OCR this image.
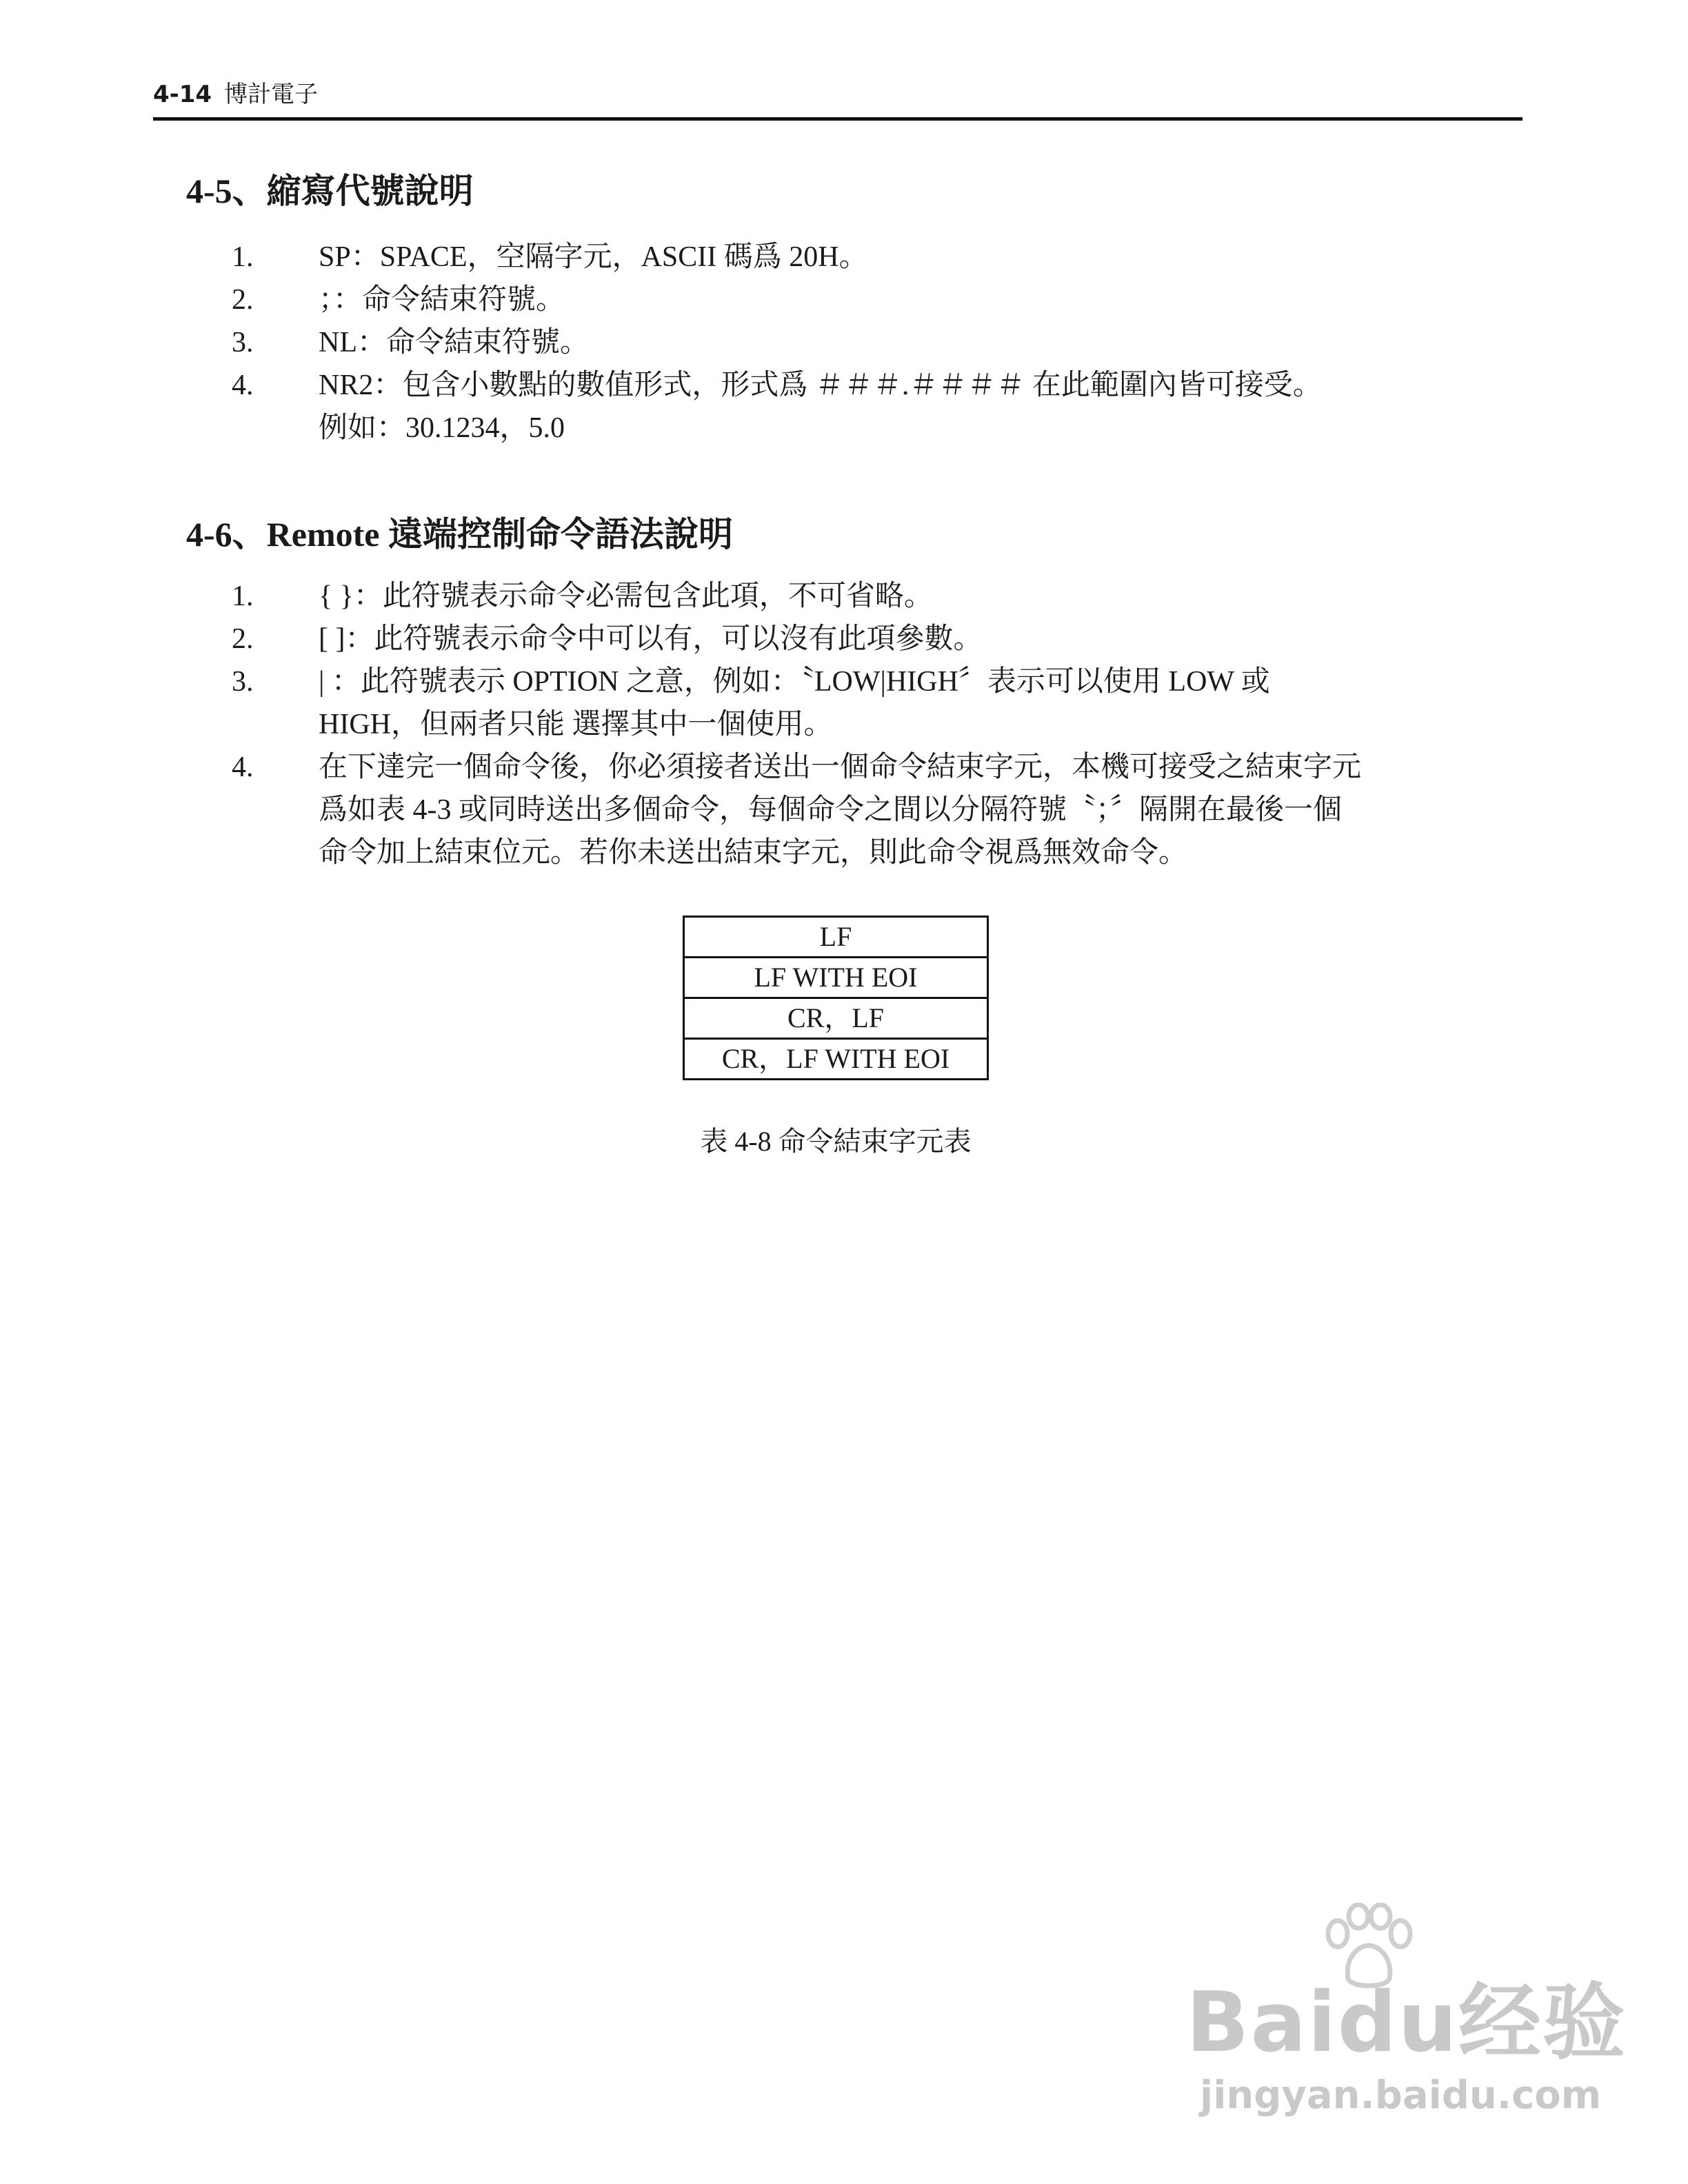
4-14 博計電子
4-5、縮寫代號說明
1. SP：SPACE，空隔字元，ASCII 碼爲 20H。
2. ；：命令結束符號。
3. NL：命令結束符號。
4. NR2：包含小數點的數值形式，形式爲 ＃＃＃.＃＃＃＃ 在此範圍內皆可接受。
例如：30.1234，5.0
4-6、Remote 遠端控制命令語法說明
1. { }：此符號表示命令必需包含此項，不可省略。
2. [ ]：此符號表示命令中可以有，可以沒有此項參數。
3. | ：此符號表示 OPTION 之意，例如：〝LOW|HIGH〞表示可以使用 LOW 或
HIGH，但兩者只能 選擇其中一個使用。
4. 在下達完一個命令後，你必須接者送出一個命令結束字元，本機可接受之結束字元
爲如表 4-3 或同時送出多個命令，每個命令之間以分隔符號〝；〞隔開在最後一個
命令加上結束位元。若你未送出結束字元，則此命令視爲無效命令。
LF
LF WITH EOI
CR，LF
CR，LF WITH EOI
表 4-8 命令結束字元表
Baidu经验
jingyan.baidu.com
